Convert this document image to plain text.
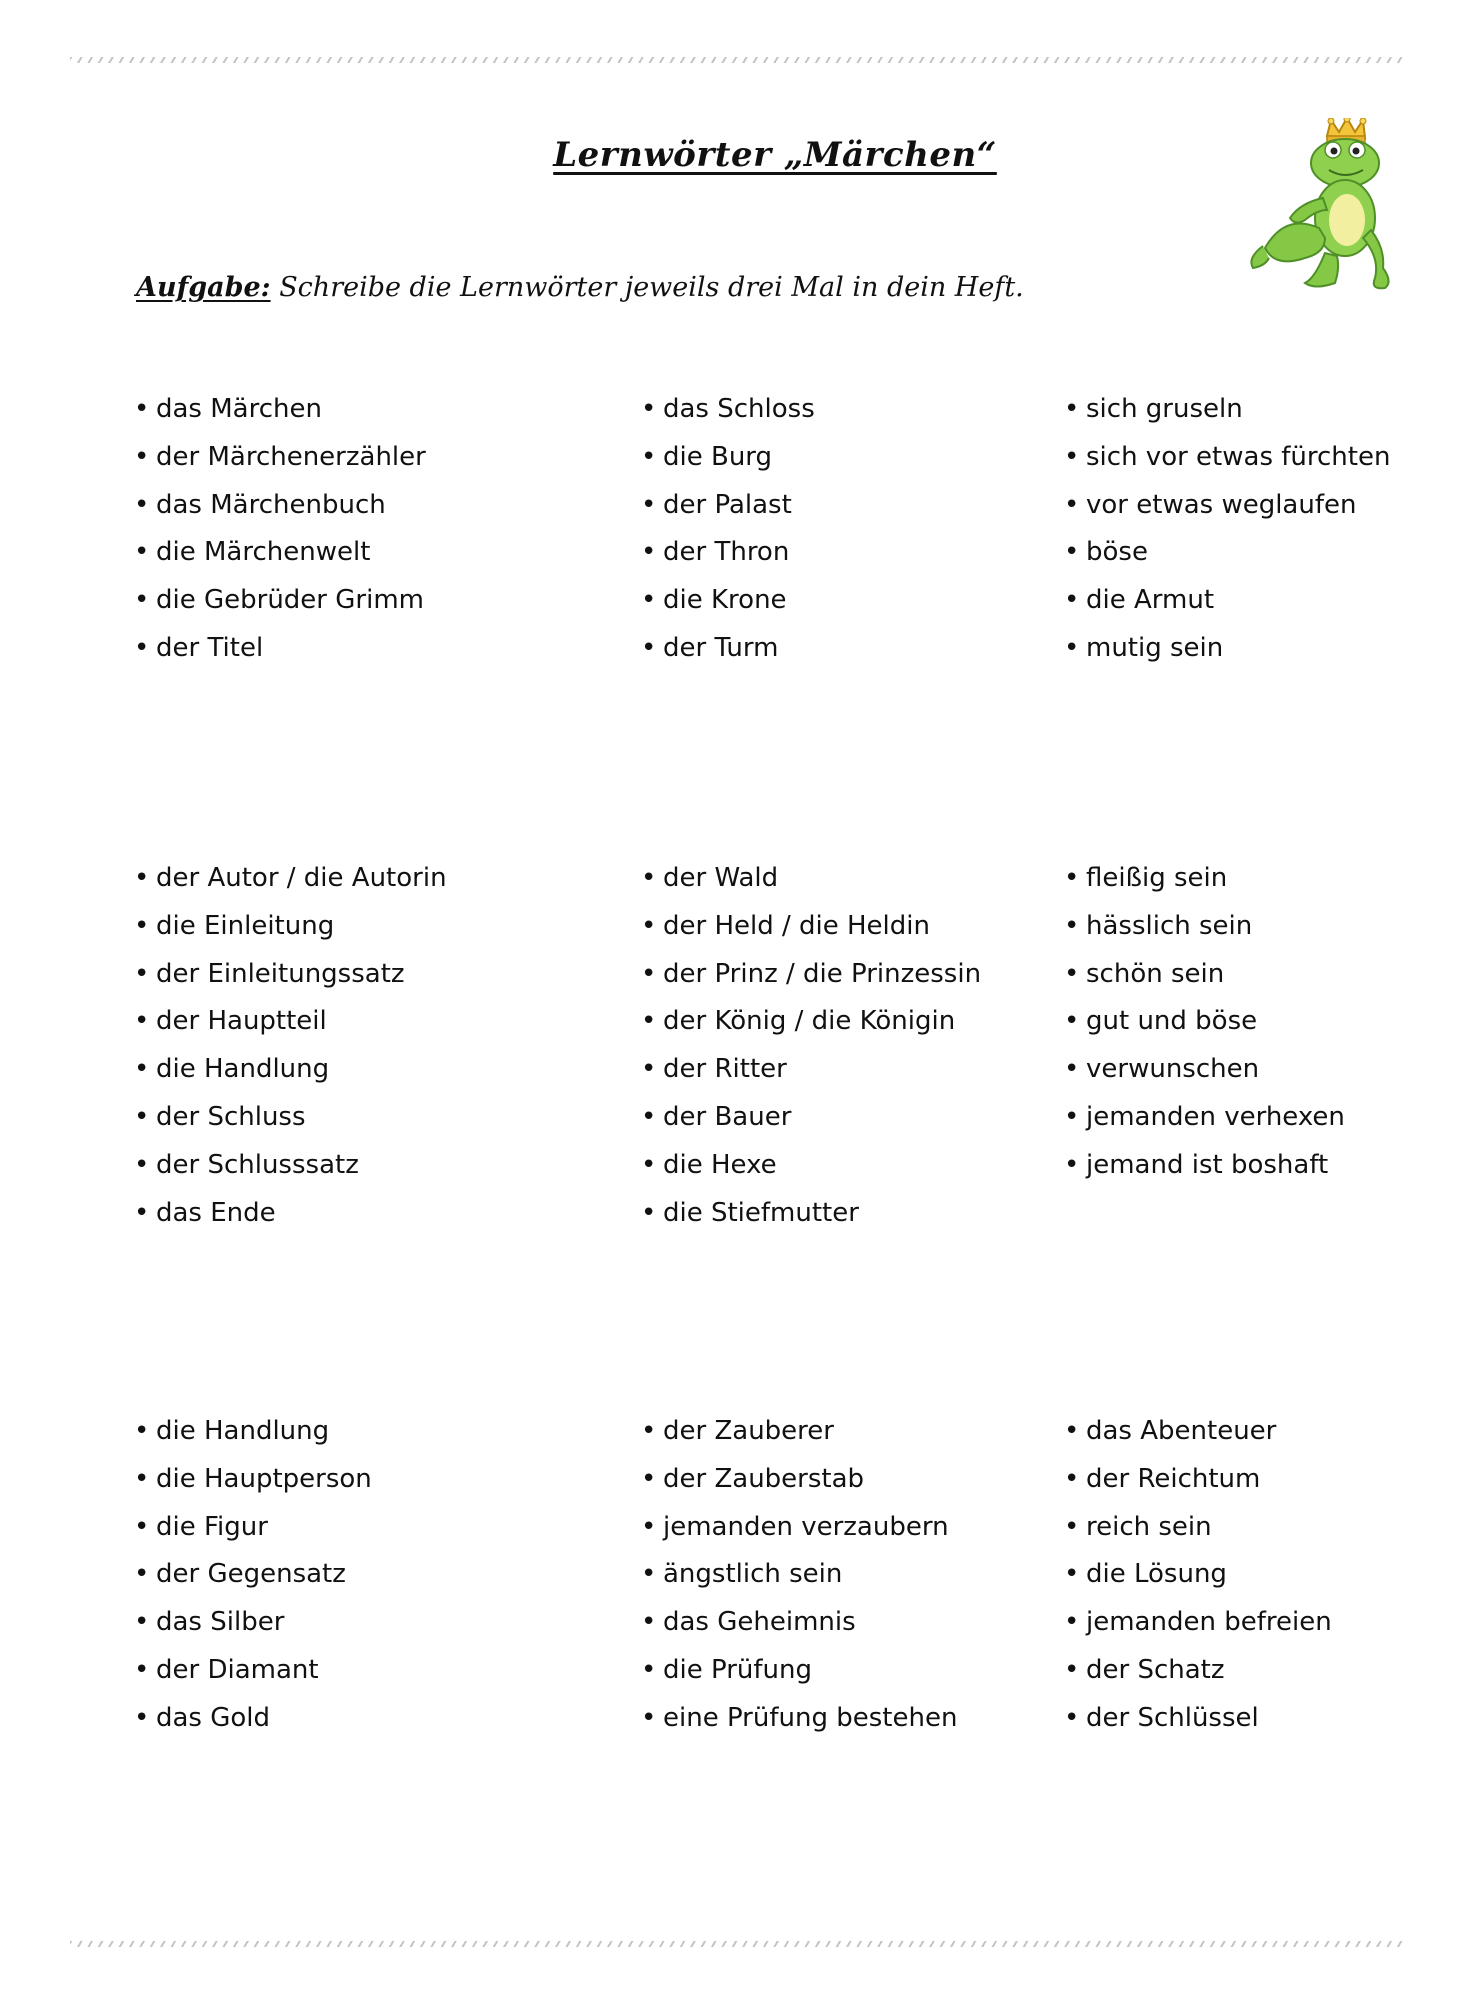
Lernwörter „Märchen“
Aufgabe: Schreibe die Lernwörter jeweils drei Mal in dein Heft.
• das Märchen
• der Märchenerzähler
• das Märchenbuch
• die Märchenwelt
• die Gebrüder Grimm
• der Titel
• das Schloss
• die Burg
• der Palast
• der Thron
• die Krone
• der Turm
• sich gruseln
• sich vor etwas fürchten
• vor etwas weglaufen
• böse
• die Armut
• mutig sein
• der Autor / die Autorin
• die Einleitung
• der Einleitungssatz
• der Hauptteil
• die Handlung
• der Schluss
• der Schlusssatz
• das Ende
• der Wald
• der Held / die Heldin
• der Prinz / die Prinzessin
• der König / die Königin
• der Ritter
• der Bauer
• die Hexe
• die Stiefmutter
• fleißig sein
• hässlich sein
• schön sein
• gut und böse
• verwunschen
• jemanden verhexen
• jemand ist boshaft
• die Handlung
• die Hauptperson
• die Figur
• der Gegensatz
• das Silber
• der Diamant
• das Gold
• der Zauberer
• der Zauberstab
• jemanden verzaubern
• ängstlich sein
• das Geheimnis
• die Prüfung
• eine Prüfung bestehen
• das Abenteuer
• der Reichtum
• reich sein
• die Lösung
• jemanden befreien
• der Schatz
• der Schlüssel
